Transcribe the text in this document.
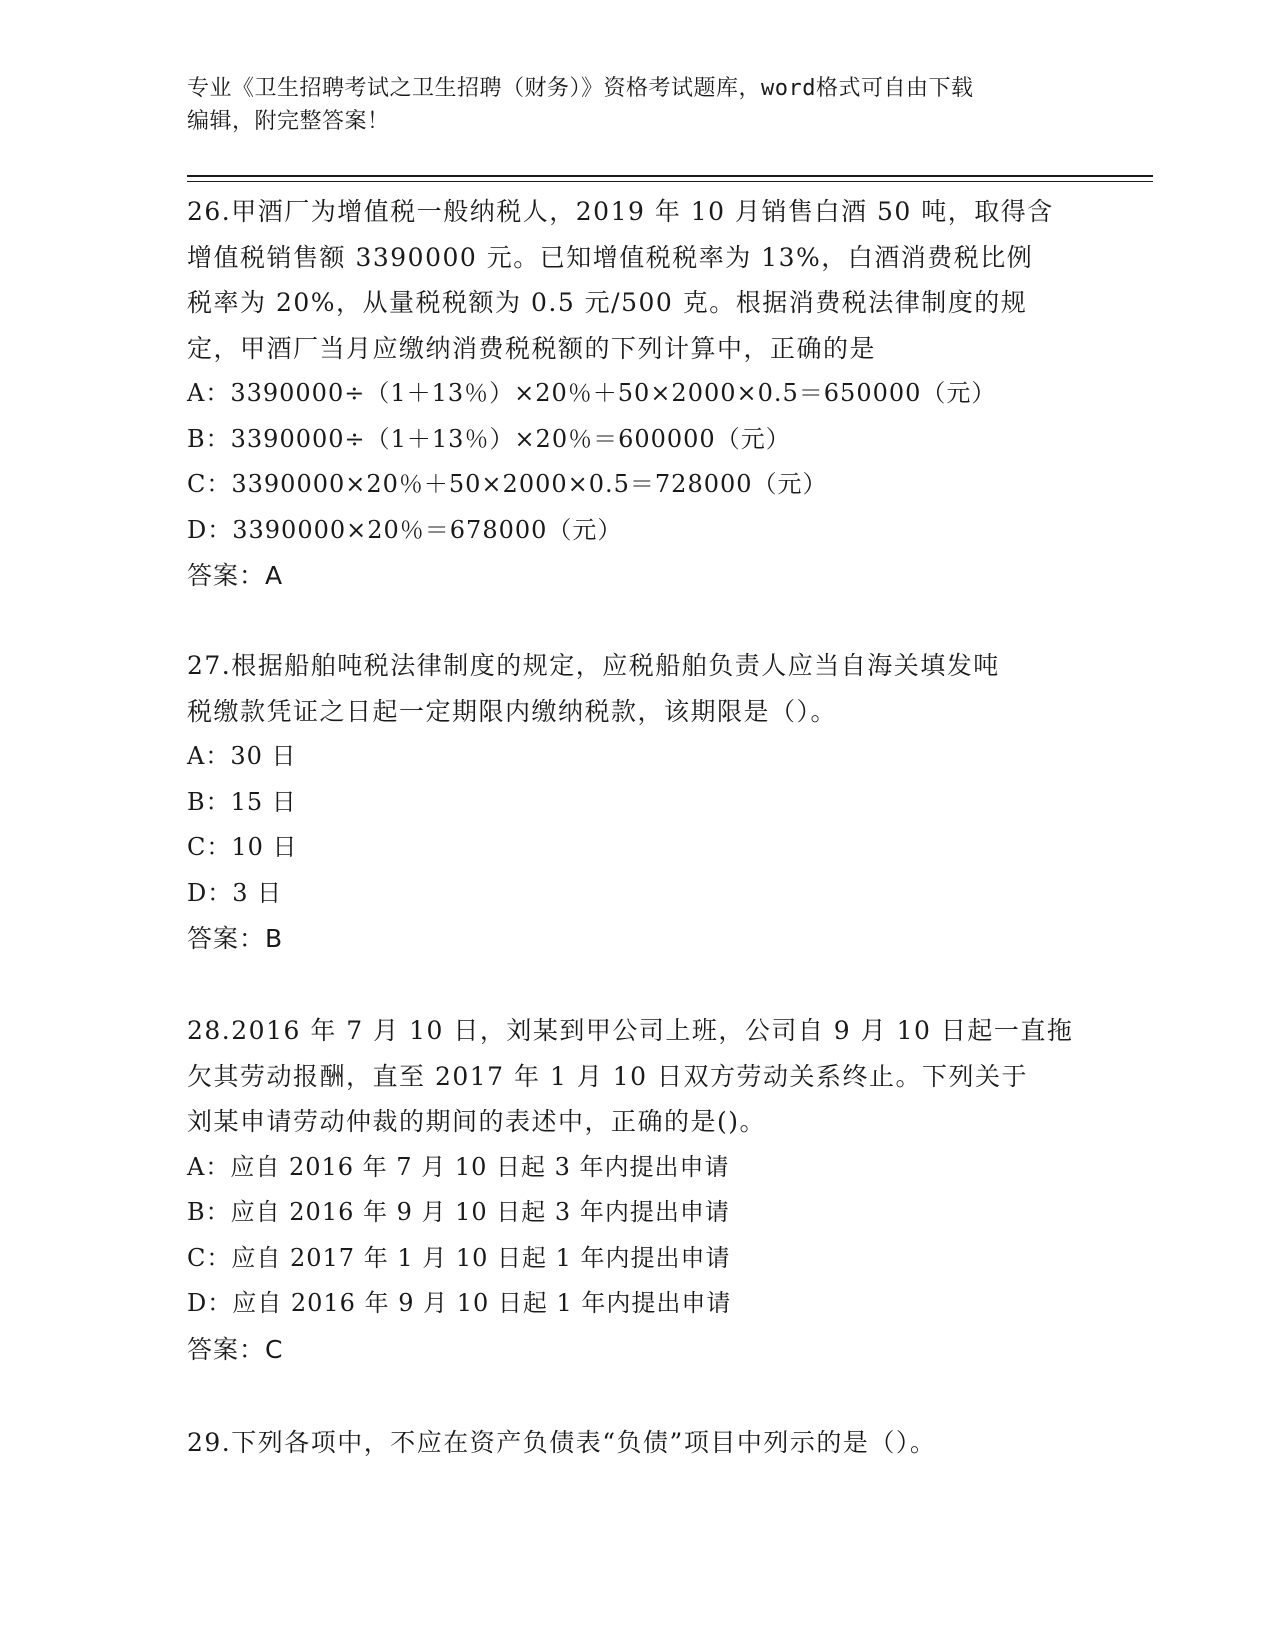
专业《卫生招聘考试之卫生招聘（财务）》资格考试题库，word格式可自由下载
编辑，附完整答案！

26.甲酒厂为增值税一般纳税人，2019 年 10 月销售白酒 50 吨，取得含

增值税销售额 3390000 元。已知增值税税率为 13%，白酒消费税比例

税率为 20%，从量税税额为 0.5 元/500 克。根据消费税法律制度的规

定，甲酒厂当月应缴纳消费税税额的下列计算中，正确的是

A：3390000÷（1＋13％）×20％＋50×2000×0.5＝650000（元）

B：3390000÷（1＋13％）×20％＝600000（元）

C：3390000×20％＋50×2000×0.5＝728000（元）

D：3390000×20％＝678000（元）

答案：A

27.根据船舶吨税法律制度的规定，应税船舶负责人应当自海关填发吨

税缴款凭证之日起一定期限内缴纳税款，该期限是（）。

A：30 日

B：15 日

C：10 日

D：3 日

答案：B

28.2016 年 7 月 10 日，刘某到甲公司上班，公司自 9 月 10 日起一直拖

欠其劳动报酬，直至 2017 年 1 月 10 日双方劳动关系终止。下列关于

刘某申请劳动仲裁的期间的表述中，正确的是()。

A：应自 2016 年 7 月 10 日起 3 年内提出申请

B：应自 2016 年 9 月 10 日起 3 年内提出申请

C：应自 2017 年 1 月 10 日起 1 年内提出申请

D：应自 2016 年 9 月 10 日起 1 年内提出申请

答案：C

29.下列各项中，不应在资产负债表“负债”项目中列示的是（）。
